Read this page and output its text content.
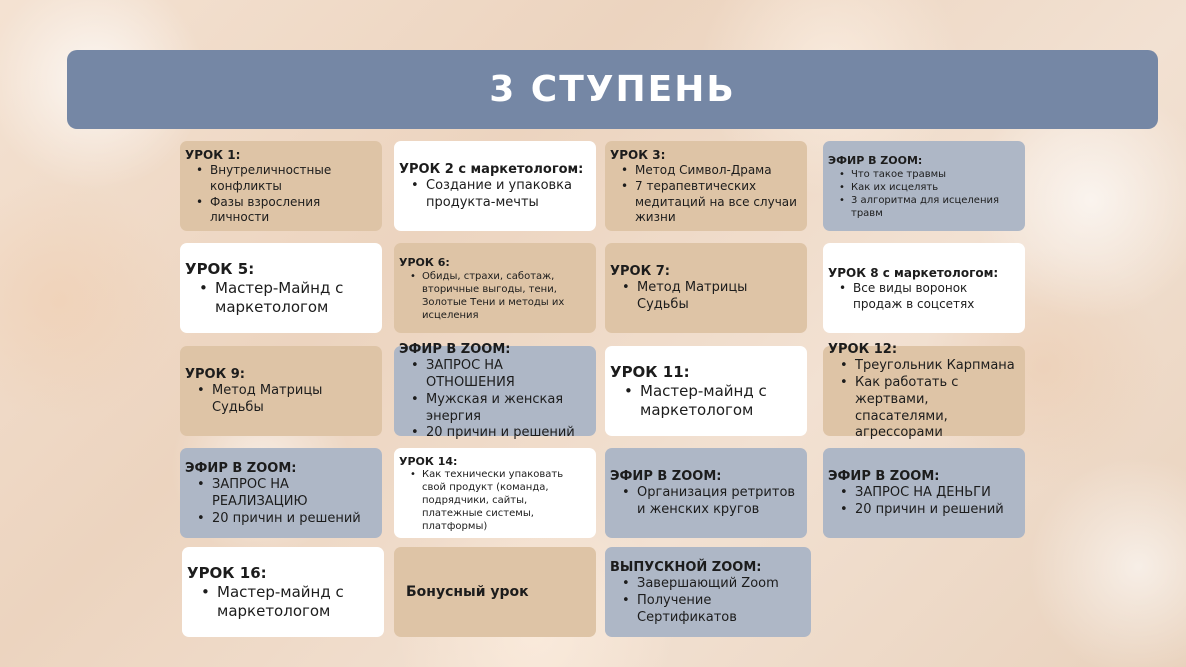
3 СТУПЕНЬ
УРОК 1:
• Внутреличностные конфликты
• Фазы взросления личности
УРОК 2 с маркетологом:
• Создание и упаковка продукта-мечты
УРОК 3:
• Метод Символ-Драма
• 7 терапевтических медитаций на все случаи жизни
ЭФИР В ZOOM:
• Что такое травмы
• Как их исцелять
• 3 алгоритма для исцеления травм
УРОК 5:
• Мастер-Майнд с маркетологом
УРОК 6:
• Обиды, страхи, саботаж, вторичные выгоды, тени, Золотые Тени и методы их исцеления
УРОК 7:
• Метод Матрицы Судьбы
УРОК 8 с маркетологом:
• Все виды воронок продаж в соцсетях
УРОК 9:
• Метод Матрицы Судьбы
ЭФИР В ZOOM:
• ЗАПРОС НА ОТНОШЕНИЯ
• Мужская и женская энергия
• 20 причин и решений
УРОК 11:
• Мастер-майнд с маркетологом
УРОК 12:
• Треугольник Карпмана
• Как работать с жертвами, спасателями, агрессорами
ЭФИР В ZOOM:
• ЗАПРОС НА РЕАЛИЗАЦИЮ
• 20 причин и решений
УРОК 14:
• Как технически упаковать свой продукт (команда, подрядчики, сайты, платежные системы, платформы)
ЭФИР В ZOOM:
• Организация ретритов и женских кругов
ЭФИР В ZOOM:
• ЗАПРОС НА ДЕНЬГИ
• 20 причин и решений
УРОК 16:
• Мастер-майнд с маркетологом
Бонусный урок
ВЫПУСКНОЙ ZOOM:
• Завершающий Zoom
• Получение Сертификатов
